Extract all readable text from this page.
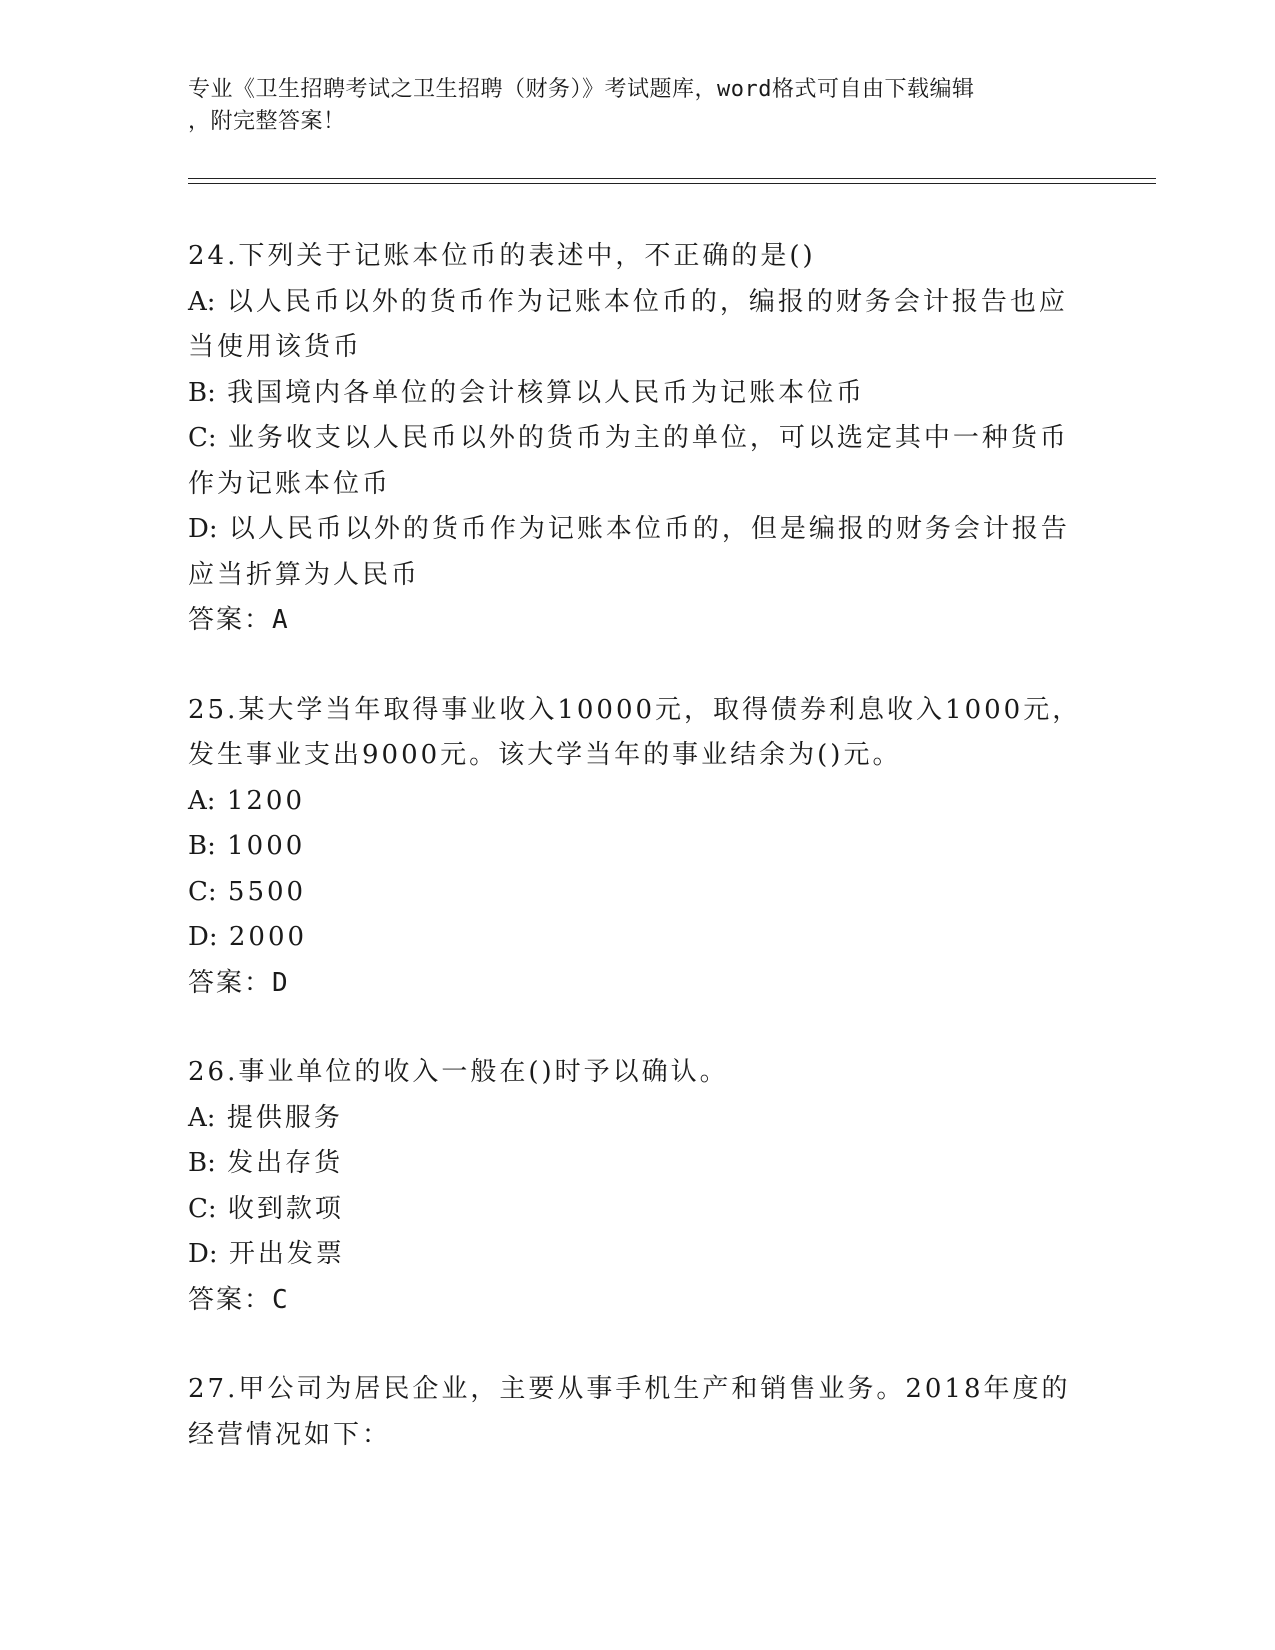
专业《卫生招聘考试之卫生招聘（财务）》考试题库，word格式可自由下载编辑
，附完整答案！

24.下列关于记账本位币的表述中，不正确的是()

A: 以人民币以外的货币作为记账本位币的，编报的财务会计报告也应当使用该货币

B: 我国境内各单位的会计核算以人民币为记账本位币

C: 业务收支以人民币以外的货币为主的单位，可以选定其中一种货币作为记账本位币

D: 以人民币以外的货币作为记账本位币的，但是编报的财务会计报告应当折算为人民币

答案：A

25.某大学当年取得事业收入10000元，取得债券利息收入1000元，发生事业支出9000元。该大学当年的事业结余为()元。

A: 1200

B: 1000

C: 5500

D: 2000

答案：D

26.事业单位的收入一般在()时予以确认。

A: 提供服务

B: 发出存货

C: 收到款项

D: 开出发票

答案：C

27.甲公司为居民企业，主要从事手机生产和销售业务。2018年度的经营情况如下：
